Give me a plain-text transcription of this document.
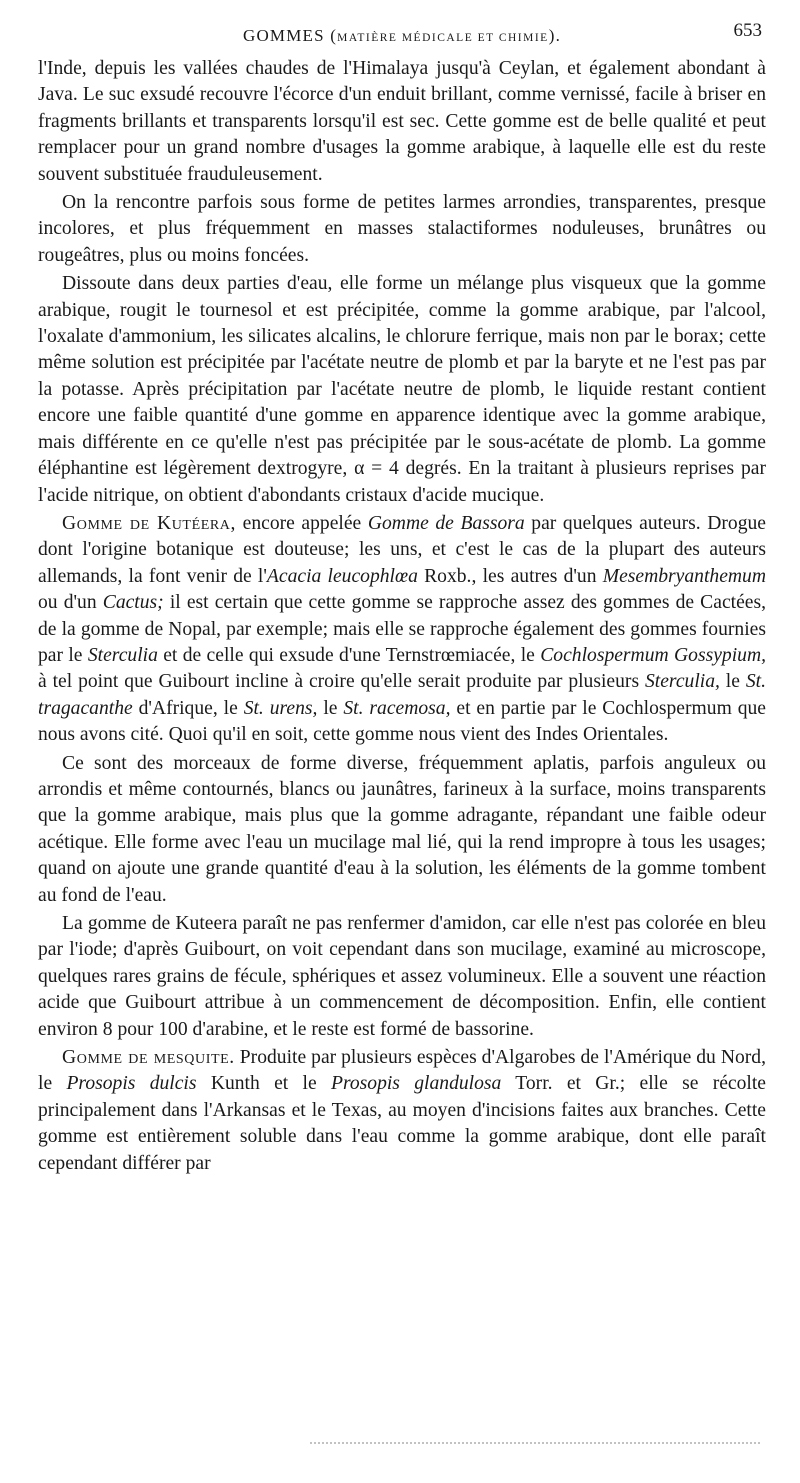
GOMMES (MATIÈRE MÉDICALE ET CHIMIE).	653

l'Inde, depuis les vallées chaudes de l'Himalaya jusqu'à Ceylan, et également abondant à Java. Le suc exsudé recouvre l'écorce d'un enduit brillant, comme vernissé, facile à briser en fragments brillants et transparents lorsqu'il est sec. Cette gomme est de belle qualité et peut remplacer pour un grand nombre d'usages la gomme arabique, à laquelle elle est du reste souvent substituée frauduleusement.

On la rencontre parfois sous forme de petites larmes arrondies, transparentes, presque incolores, et plus fréquemment en masses stalactiformes noduleuses, brunâtres ou rougeâtres, plus ou moins foncées.

Dissoute dans deux parties d'eau, elle forme un mélange plus visqueux que la gomme arabique, rougit le tournesol et est précipitée, comme la gomme arabique, par l'alcool, l'oxalate d'ammonium, les silicates alcalins, le chlorure ferrique, mais non par le borax; cette même solution est précipitée par l'acétate neutre de plomb et par la baryte et ne l'est pas par la potasse. Après précipitation par l'acétate neutre de plomb, le liquide restant contient encore une faible quantité d'une gomme en apparence identique avec la gomme arabique, mais différente en ce qu'elle n'est pas précipitée par le sous-acétate de plomb. La gomme éléphantine est légèrement dextrogyre, α = 4 degrés. En la traitant à plusieurs reprises par l'acide nitrique, on obtient d'abondants cristaux d'acide mucique.

Gomme de Kutéera, encore appelée Gomme de Bassora par quelques auteurs. Drogue dont l'origine botanique est douteuse; les uns, et c'est le cas de la plupart des auteurs allemands, la font venir de l'Acacia leucophlœa Roxb., les autres d'un Mesembryanthemum ou d'un Cactus; il est certain que cette gomme se rapproche assez des gommes de Cactées, de la gomme de Nopal, par exemple; mais elle se rapproche également des gommes fournies par le Sterculia et de celle qui exsude d'une Ternstrœmiacée, le Cochlospermum Gossypium, à tel point que Guibourt incline à croire qu'elle serait produite par plusieurs Sterculia, le St. tragacanthe d'Afrique, le St. urens, le St. racemosa, et en partie par le Cochlospermum que nous avons cité. Quoi qu'il en soit, cette gomme nous vient des Indes Orientales.

Ce sont des morceaux de forme diverse, fréquemment aplatis, parfois anguleux ou arrondis et même contournés, blancs ou jaunâtres, farineux à la surface, moins transparents que la gomme arabique, mais plus que la gomme adragante, répandant une faible odeur acétique. Elle forme avec l'eau un mucilage mal lié, qui la rend impropre à tous les usages; quand on ajoute une grande quantité d'eau à la solution, les éléments de la gomme tombent au fond de l'eau.

La gomme de Kuteera paraît ne pas renfermer d'amidon, car elle n'est pas colorée en bleu par l'iode; d'après Guibourt, on voit cependant dans son mucilage, examiné au microscope, quelques rares grains de fécule, sphériques et assez volumineux. Elle a souvent une réaction acide que Guibourt attribue à un commencement de décomposition. Enfin, elle contient environ 8 pour 100 d'arabine, et le reste est formé de bassorine.

Gomme de mesquite. Produite par plusieurs espèces d'Algarobes de l'Amérique du Nord, le Prosopis dulcis Kunth et le Prosopis glandulosa Torr. et Gr.; elle se récolte principalement dans l'Arkansas et le Texas, au moyen d'incisions faites aux branches. Cette gomme est entièrement soluble dans l'eau comme la gomme arabique, dont elle paraît cependant différer par
